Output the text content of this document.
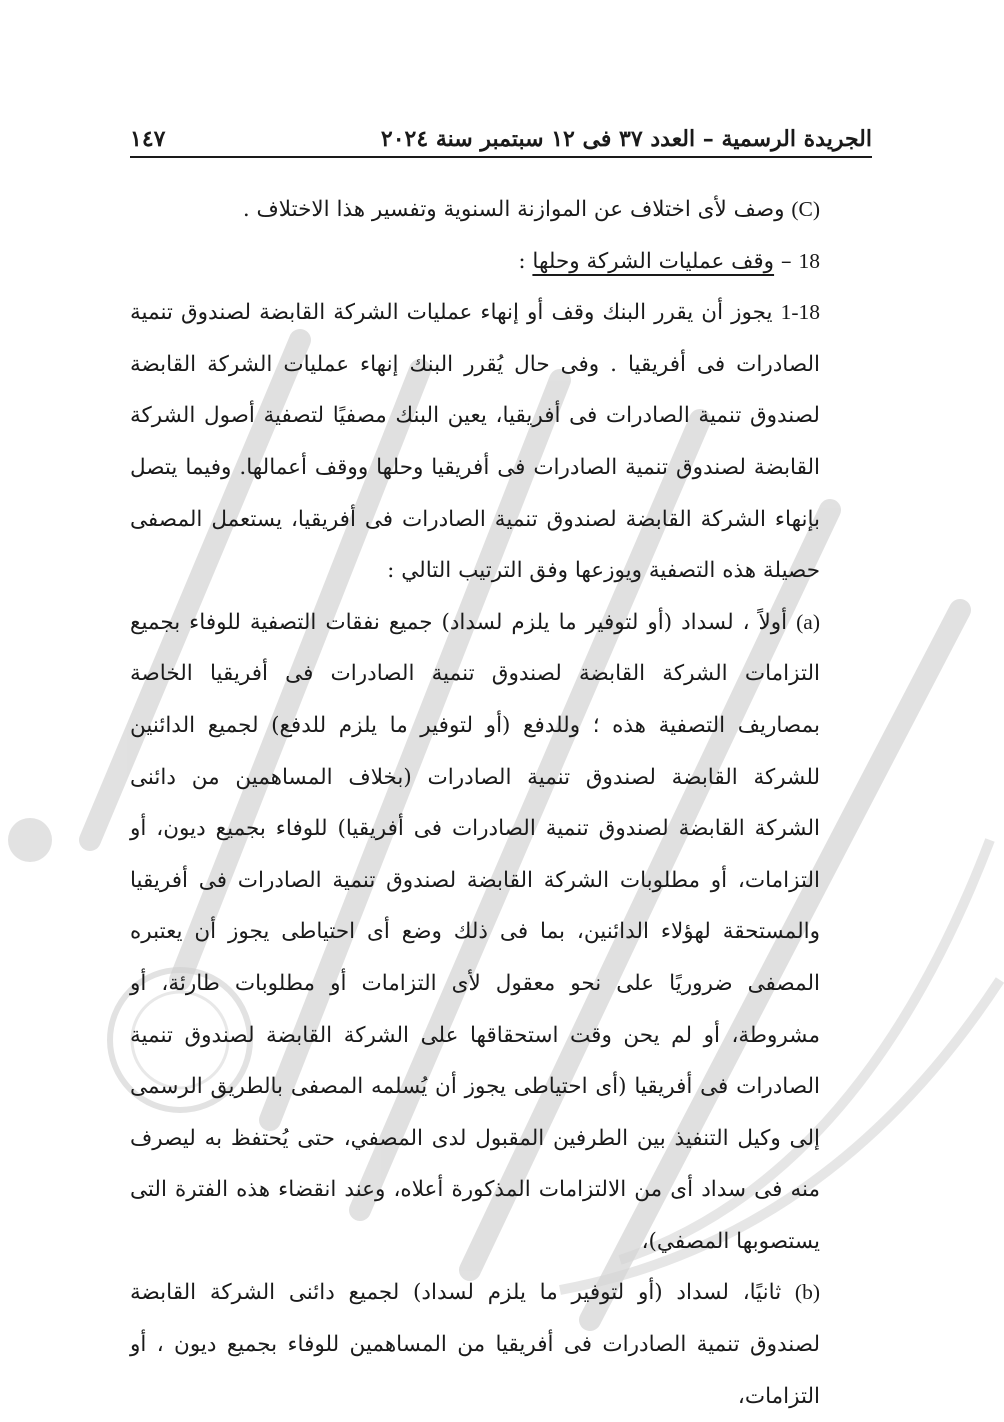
الجريدة الرسمية – العدد ٣٧ فى ١٢ سبتمبر سنة ٢٠٢٤
١٤٧

(C) وصف لأى اختلاف عن الموازنة السنوية وتفسير هذا الاختلاف .

18 – وقف عمليات الشركة وحلها :

1-18 يجوز أن يقرر البنك وقف أو إنهاء عمليات الشركة القابضة لصندوق تنمية الصادرات فى أفريقيا . وفى حال يُقرر البنك إنهاء عمليات الشركة القابضة لصندوق تنمية الصادرات فى أفريقيا، يعين البنك مصفيًا لتصفية أصول الشركة القابضة لصندوق تنمية الصادرات فى أفريقيا وحلها ووقف أعمالها. وفيما يتصل بإنهاء الشركة القابضة لصندوق تنمية الصادرات فى أفريقيا، يستعمل المصفى حصيلة هذه التصفية ويوزعها وفق الترتيب التالي :

(a) أولاً ، لسداد (أو لتوفير ما يلزم لسداد) جميع نفقات التصفية للوفاء بجميع التزامات الشركة القابضة لصندوق تنمية الصادرات فى أفريقيا الخاصة بمصاريف التصفية هذه ؛ وللدفع (أو لتوفير ما يلزم للدفع) لجميع الدائنين للشركة القابضة لصندوق تنمية الصادرات (بخلاف المساهمين من دائنى الشركة القابضة لصندوق تنمية الصادرات فى أفريقيا) للوفاء بجميع ديون، أو التزامات، أو مطلوبات الشركة القابضة لصندوق تنمية الصادرات فى أفريقيا والمستحقة لهؤلاء الدائنين، بما فى ذلك وضع أى احتياطى يجوز أن يعتبره المصفى ضروريًا على نحو معقول لأى التزامات أو مطلوبات طارئة، أو مشروطة، أو لم يحن وقت استحقاقها على الشركة القابضة لصندوق تنمية الصادرات فى أفريقيا (أى احتياطى يجوز أن يُسلمه المصفى بالطريق الرسمى إلى وكيل التنفيذ بين الطرفين المقبول لدى المصفي، حتى يُحتفظ به ليصرف منه فى سداد أى من الالتزامات المذكورة أعلاه، وعند انقضاء هذه الفترة التى يستصوبها المصفي)،

(b) ثانيًا، لسداد (أو لتوفير ما يلزم لسداد) لجميع دائنى الشركة القابضة لصندوق تنمية الصادرات فى أفريقيا من المساهمين للوفاء بجميع ديون ، أو التزامات،
